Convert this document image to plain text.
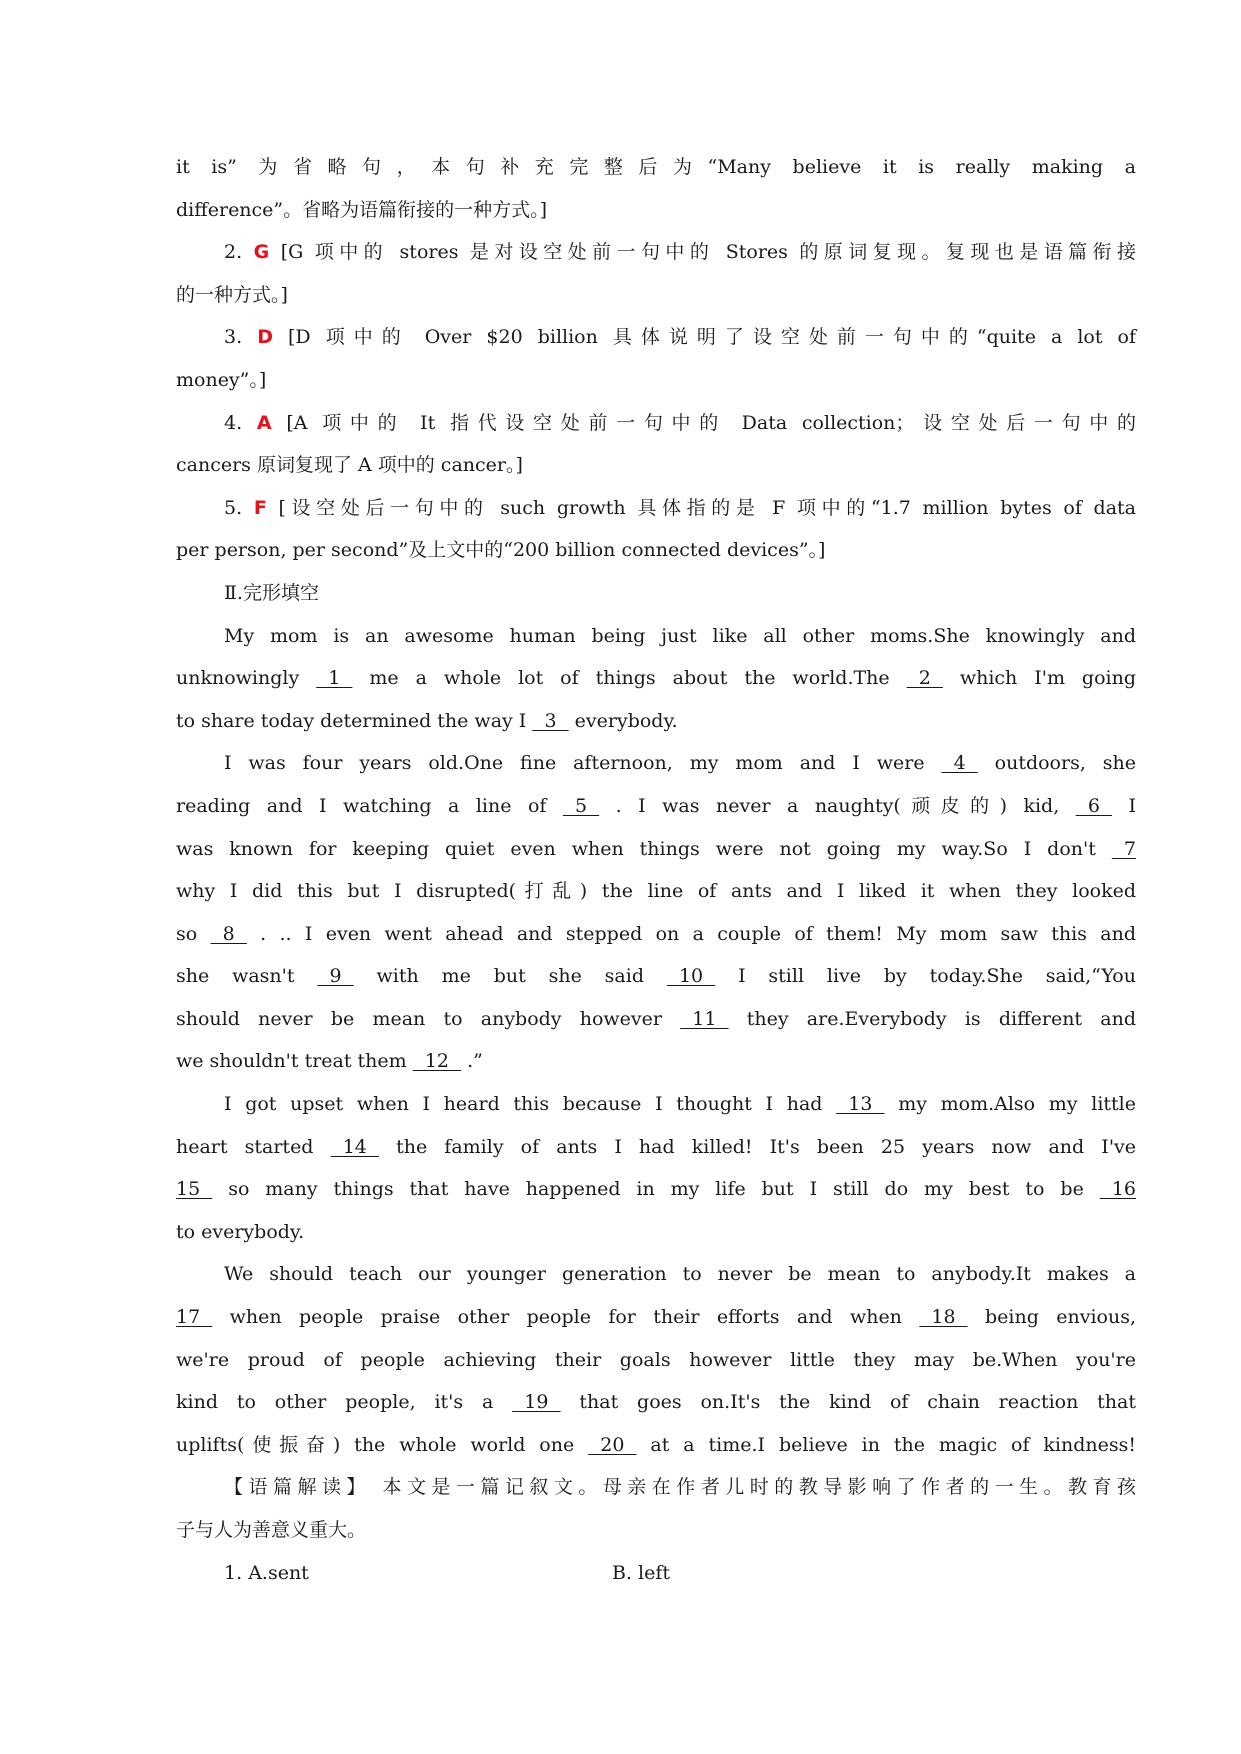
it is” 为省略句，本句补充完整后为“Many believe it is really making a
difference”。省略为语篇衔接的一种方式。]
2. G [G 项中的 stores 是对设空处前一句中的 Stores 的原词复现。复现也是语篇衔接
的一种方式。]
3. D [D 项中的 Over $20 billion 具体说明了设空处前一句中的“quite a lot of
money”。]
4. A [A 项中的 It 指代设空处前一句中的 Data collection；设空处后一句中的
cancers 原词复现了 A 项中的 cancer。]
5. F [设空处后一句中的 such growth 具体指的是 F 项中的“1.7 million bytes of data
per person, per second”及上文中的“200 billion connected devices”。]
Ⅱ.完形填空
My mom is an awesome human being just like all other moms.She knowingly and
unknowingly   1   me a whole lot of things about the world.The   2   which I'm going
to share today determined the way I   3   everybody.
I was four years old.One fine afternoon, my mom and I were   4   outdoors, she
reading and I watching a line of   5   . I was never a naughty(顽皮的) kid,   6   I
was known for keeping quiet even when things were not going my way.So I don't   7
why I did this but I disrupted(打乱) the line of ants and I liked it when they looked
so   8   . .. I even went ahead and stepped on a couple of them! My mom saw this and
she wasn't   9   with me but she said   10   I still live by today.She said,“You
should never be mean to anybody however   11   they are.Everybody is different and
we shouldn't treat them   12   .”
I got upset when I heard this because I thought I had   13   my mom.Also my little
heart started   14   the family of ants I had killed! It's been 25 years now and I've
15   so many things that have happened in my life but I still do my best to be   16
to everybody.
We should teach our younger generation to never be mean to anybody.It makes a
17   when people praise other people for their efforts and when   18   being envious,
we're proud of people achieving their goals however little they may be.When you're
kind to other people, it's a   19   that goes on.It's the kind of chain reaction that
uplifts(使振奋) the whole world one   20   at a time.I believe in the magic of kindness!
【语篇解读】 本文是一篇记叙文。母亲在作者儿时的教导影响了作者的一生。教育孩
子与人为善意义重大。
1. A.sent	B. left
